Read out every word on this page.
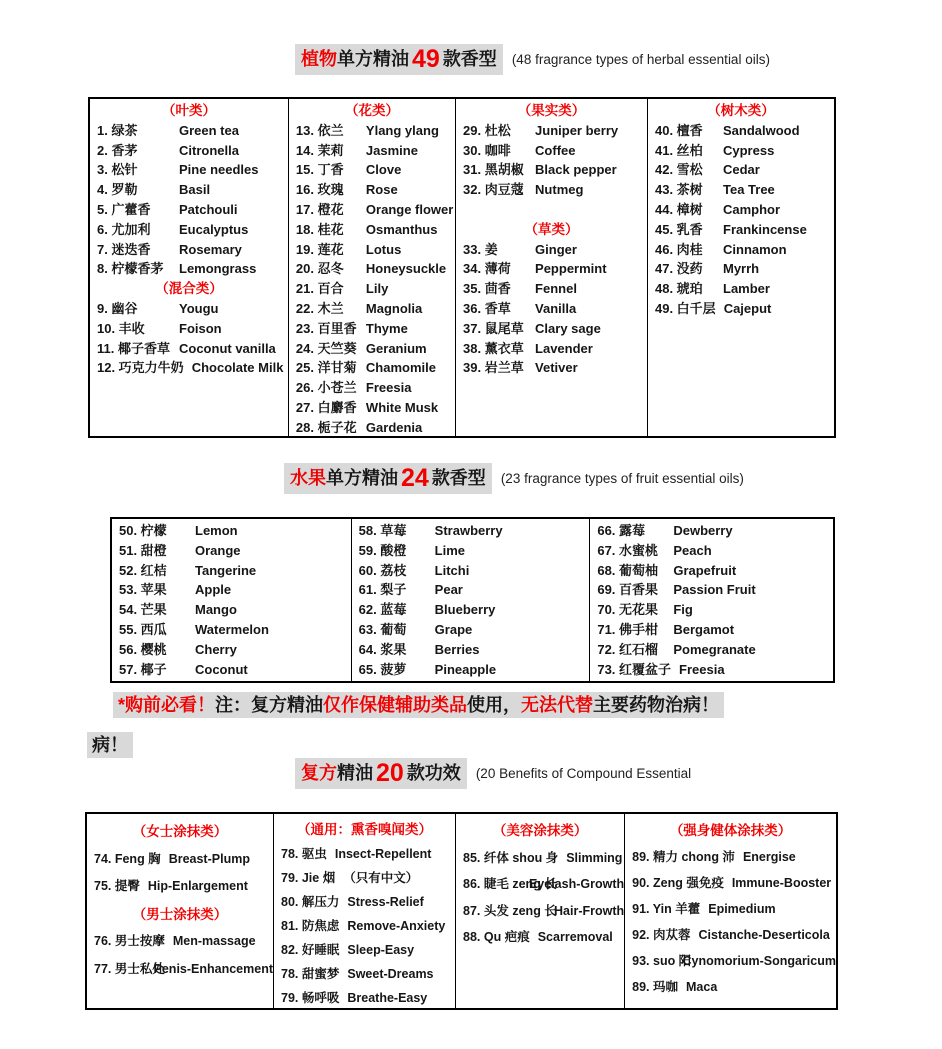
植物 单方精油 49 款香型 (48 fragrance types of herbal essential oils)
（叶类）
1. 绿茶	Green tea
2. 香茅	Citronella
3. 松针	Pine needles
4. 罗勒	Basil
5. 广藿香	Patchouli
6. 尤加利	Eucalyptus
7. 迷迭香	Rosemary
8. 柠檬香茅	Lemongrass
（混合类）
9. 幽谷	Yougu
10. 丰收	Foison
11. 椰子香草 Coconut vanilla
12. 巧克力牛奶 Chocolate Milk
（花类）
13. 依兰	Ylang ylang
14. 茉莉	Jasmine
15. 丁香	Clove
16. 玫瑰	Rose
17. 橙花	Orange flower
18. 桂花	Osmanthus
19. 莲花	Lotus
20. 忍冬	Honeysuckle
21. 百合	Lily
22. 木兰	Magnolia
23. 百里香 Thyme
24. 天竺葵 Geranium
25. 洋甘菊 Chamomile
26. 小苍兰 Freesia
27. 白麝香 White Musk
28. 栀子花 Gardenia
（果实类）
29. 杜松	Juniper berry
30. 咖啡	Coffee
31. 黑胡椒 Black pepper
32. 肉豆蔻 Nutmeg
（草类）
33. 姜	Ginger
34. 薄荷	Peppermint
35. 茴香	Fennel
36. 香草	Vanilla
37. 鼠尾草 Clary sage
38. 薰衣草 Lavender
39. 岩兰草 Vetiver
（树木类）
40. 檀香	Sandalwood
41. 丝柏	Cypress
42. 雪松	Cedar
43. 茶树	Tea Tree
44. 樟树	Camphor
45. 乳香	Frankincense
46. 肉桂	Cinnamon
47. 没药	Myrrh
48. 琥珀	Lamber
49. 白千层 Cajeput
水果 单方精油 24 款香型 (23 fragrance types of fruit essential oils)
50. 柠檬	Lemon
51. 甜橙	Orange
52. 红桔	Tangerine
53. 苹果	Apple
54. 芒果	Mango
55. 西瓜	Watermelon
56. 樱桃	Cherry
57. 椰子	Coconut
58. 草莓	Strawberry
59. 酸橙	Lime
60. 荔枝	Litchi
61. 梨子	Pear
62. 蓝莓	Blueberry
63. 葡萄	Grape
64. 浆果	Berries
65. 菠萝	Pineapple
66. 露莓	Dewberry
67. 水蜜桃	Peach
68. 葡萄柚	Grapefruit
69. 百香果	Passion Fruit
70. 无花果	Fig
71. 佛手柑	Bergamot
72. 红石榴	Pomegranate
73. 红覆盆子 Freesia
*购前必看！注：复方精油仅作保健辅助类品使用，无法代替主要药物治病！
病！
复方 精油 20 款功效 (20 Benefits of Compound Essential
（女士涂抹类）
74. Feng 胸 Breast-Plump
75. 提臀 Hip-Enlargement
（男士涂抹类）
76. 男士按摩 Men-massage
77. 男士私处
Penis-Enhancement
（通用：熏香嗅闻类）
78. 驱虫 Insect-Repellent
79. Jie 烟 （只有中文）
80. 解压力 Stress-Relief
81. 防焦虑 Remove-Anxiety
82. 好睡眠 Sleep-Easy
78. 甜蜜梦 Sweet-Dreams
79. 畅呼吸 Breathe-Easy
（美容涂抹类）
85. 纤体 shou 身 Slimming
86. 睫毛 zeng 长
Eyelash-Growth
87. 头发 zeng 长
Hair-Frowth
88. Qu 疤痕 Scarremoval
（强身健体涂抹类）
89. 精力 chong 沛 Energise
90. Zeng 强免疫 Immune-Booster
91. Yin 羊藿 Epimedium
92. 肉苁蓉 Cistanche-Deserticola
93. suo 阳
Cynomorium-Songaricum
89. 玛咖 Maca
